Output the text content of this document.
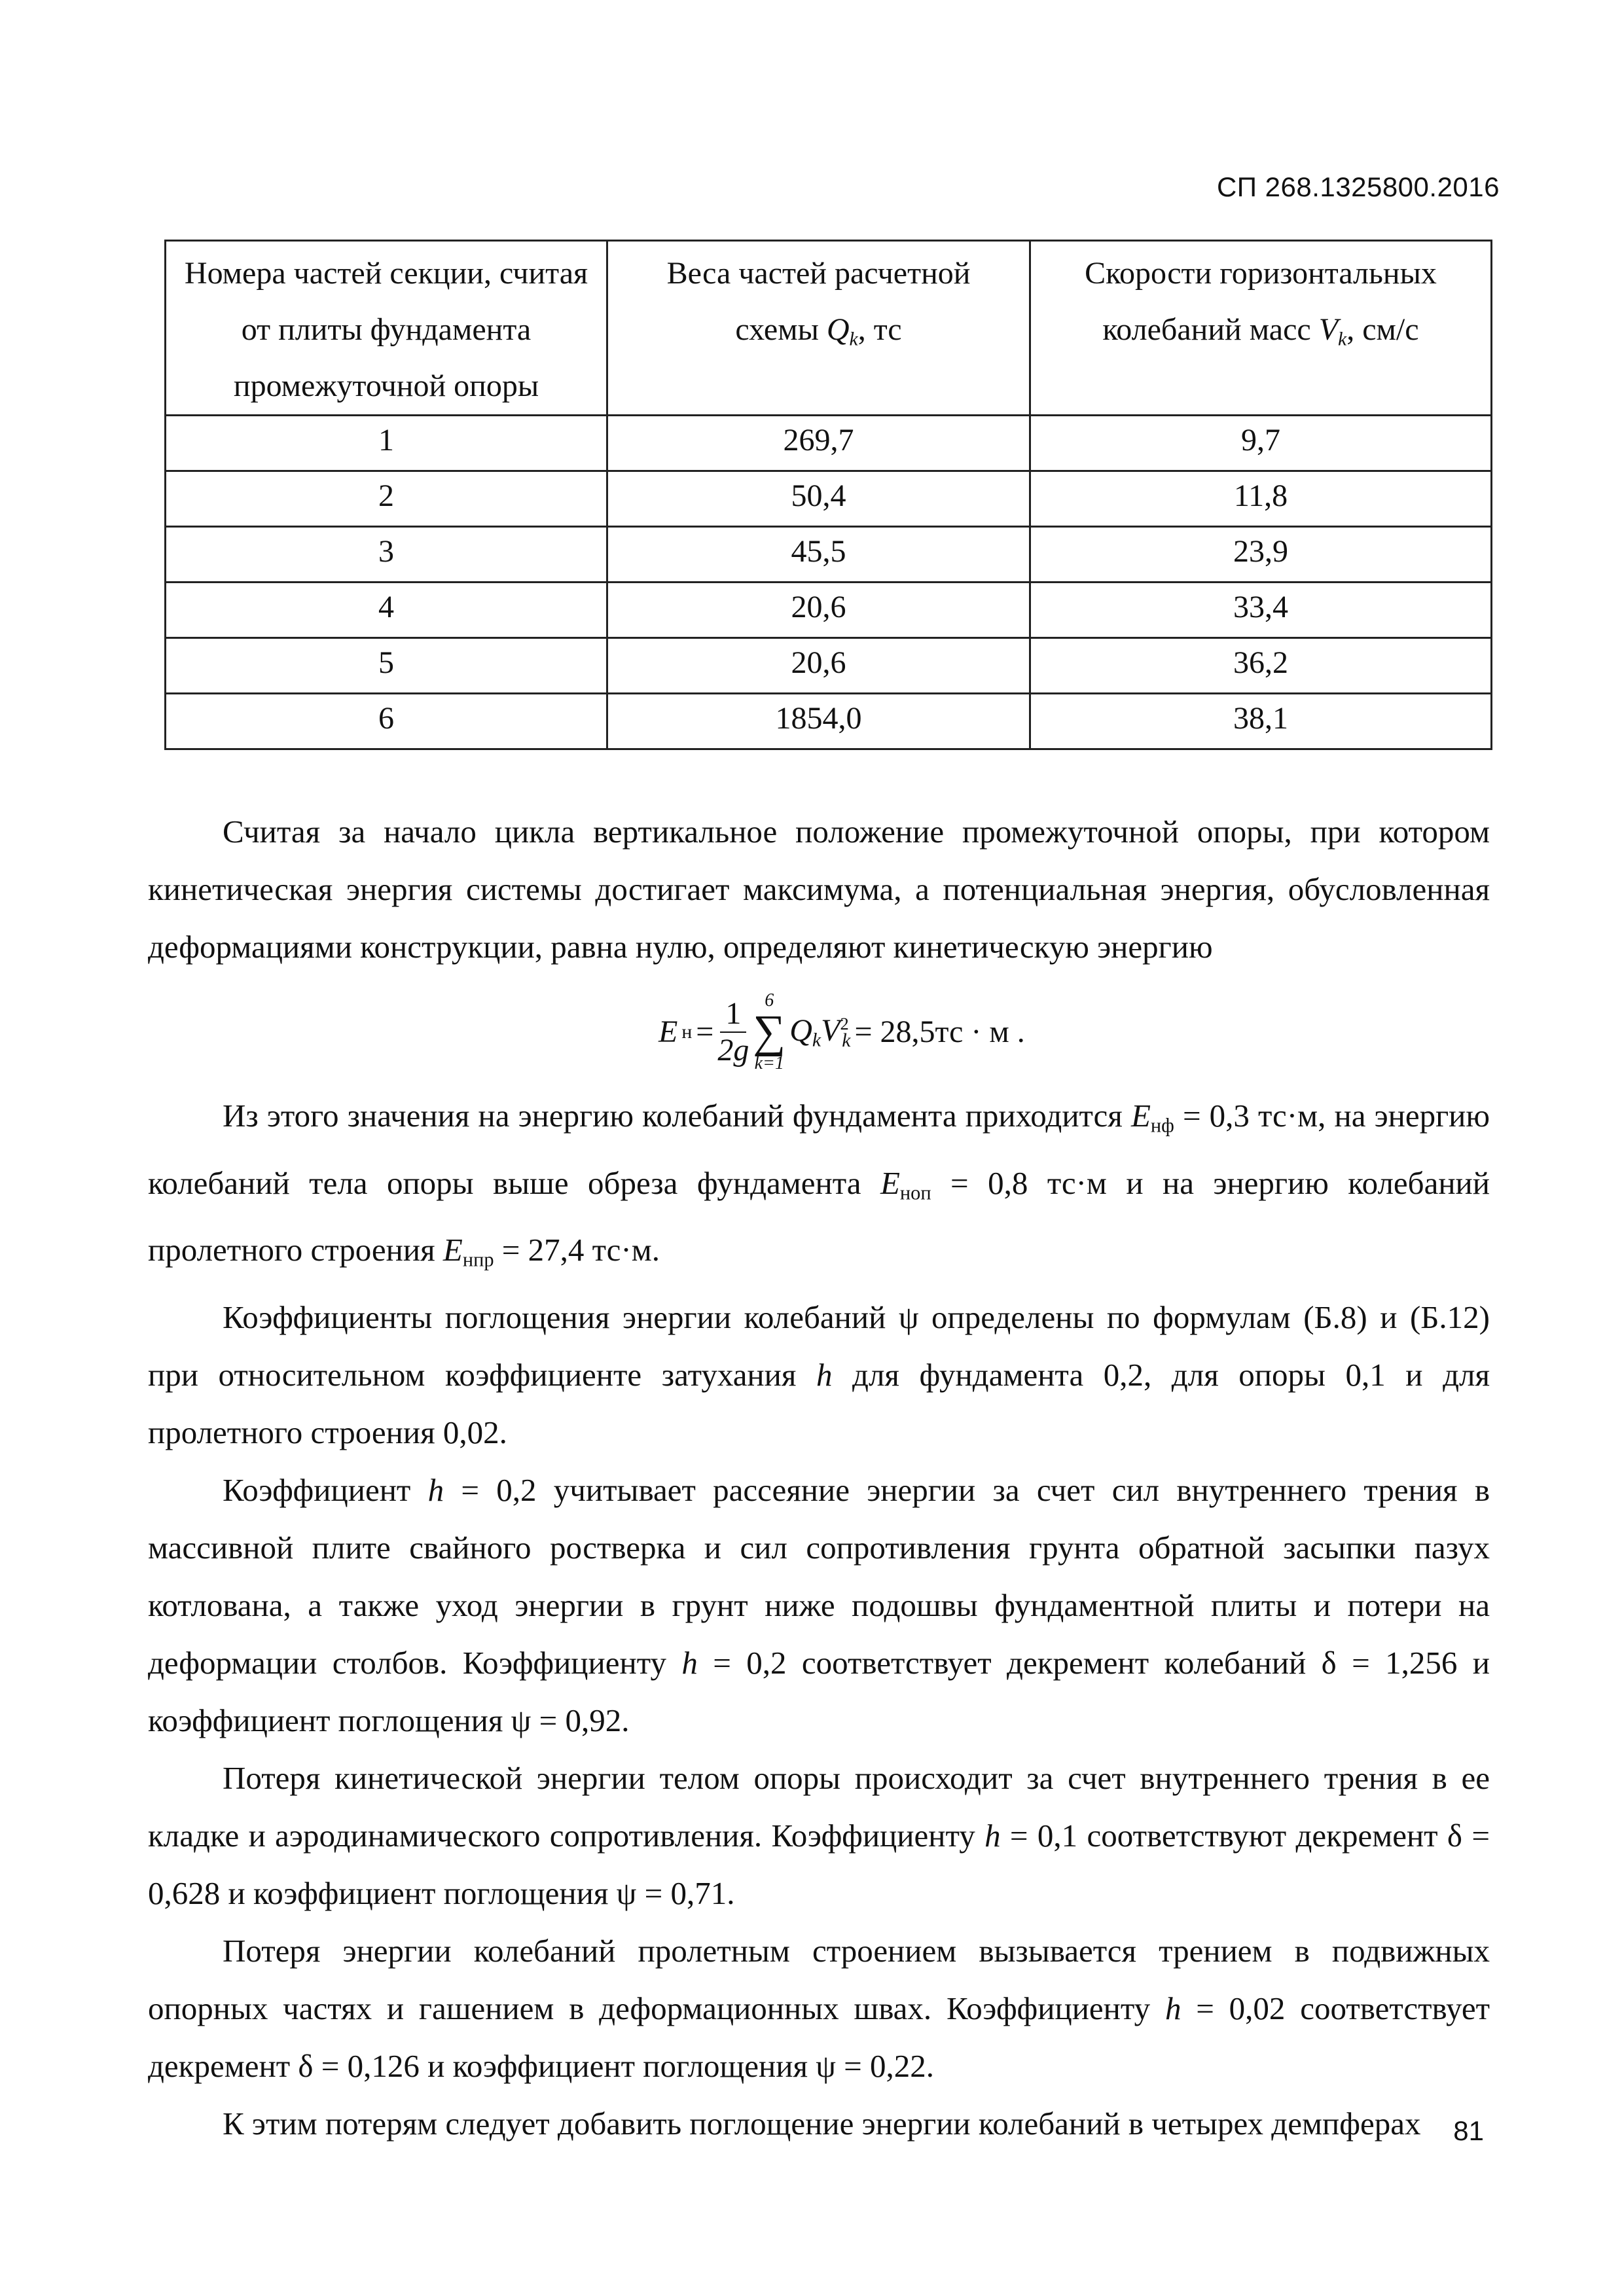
СП 268.1325800.2016
Номера частей секции, считая от плиты фундамента промежуточной опоры	Веса частей расчетной схемы $Q_k$, тс	Скорости горизонтальных колебаний масс $V_k$, см/с
1	269,7	9,7
2	50,4	11,8
3	45,5	23,9
4	20,6	33,4
5	20,6	36,2
6	1854,0	38,1

Считая за начало цикла вертикальное положение промежуточной опоры, при котором кинетическая энергия системы достигает максимума, а потенциальная энергия, обусловленная деформациями конструкции, равна нулю, определяют кинетическую энергию

E $н = \frac{1}{2g} 6$
∑
k=1
$Q_kV^2_k = 28,5тс \cdot м$ .

Из этого значения на энергию колебаний фундамента приходится Eнф = 0,3 тс·м, на энергию колебаний тела опоры выше обреза фундамента Eноп = 0,8 тс·м и на энергию колебаний пролетного строения Eнпр = 27,4 тс·м.

Коэффициенты поглощения энергии колебаний ψ определены по формулам (Б.8) и (Б.12) при относительном коэффициенте затухания h для фундамента 0,2, для опоры 0,1 и для пролетного строения 0,02.

Коэффициент h = 0,2 учитывает рассеяние энергии за счет сил внутреннего трения в массивной плите свайного ростверка и сил сопротивления грунта обратной засыпки пазух котлована, а также уход энергии в грунт ниже подошвы фундаментной плиты и потери на деформации столбов. Коэффициенту h = 0,2 соответствует декремент колебаний δ = 1,256 и коэффициент поглощения ψ = 0,92.

Потеря кинетической энергии телом опоры происходит за счет внутреннего трения в ее кладке и аэродинамического сопротивления. Коэффициенту h = 0,1 соответствуют декремент δ = 0,628 и коэффициент поглощения ψ = 0,71.

Потеря энергии колебаний пролетным строением вызывается трением в подвижных опорных частях и гашением в деформационных швах. Коэффициенту h = 0,02 соответствует декремент δ = 0,126 и коэффициент поглощения ψ = 0,22.

К этим потерям следует добавить поглощение энергии колебаний в четырех демпферах	81
